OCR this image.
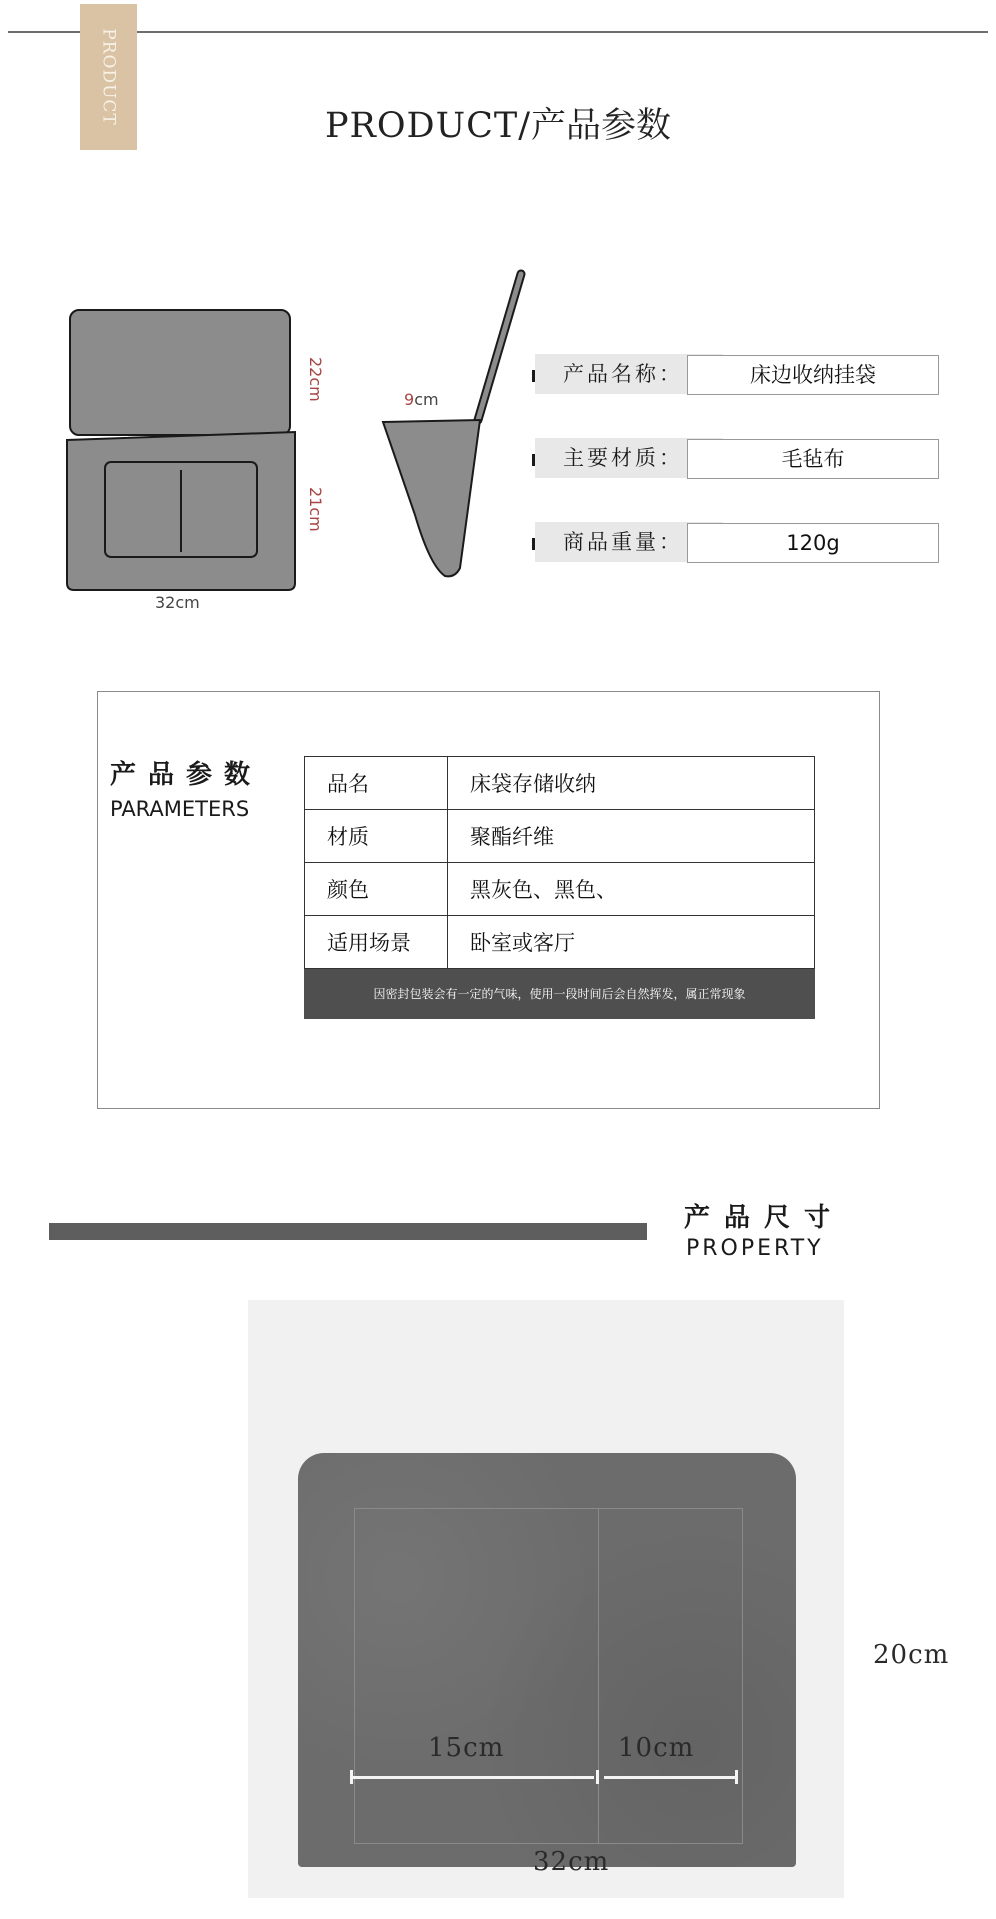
PRODUCT
PRODUCT/产品参数
22cm
21cm
32cm
9cm
产品名称：	床边收纳挂袋
主要材质：	毛毡布
商品重量：	120g
产品参数
PARAMETERS
品名	床袋存储收纳
材质	聚酯纤维
颜色	黑灰色、黑色、
适用场景	卧室或客厅
因密封包装会有一定的气味，使用一段时间后会自然挥发，属正常现象	
产品尺寸
PROPERTY
15cm	10cm
32cm
20cm
